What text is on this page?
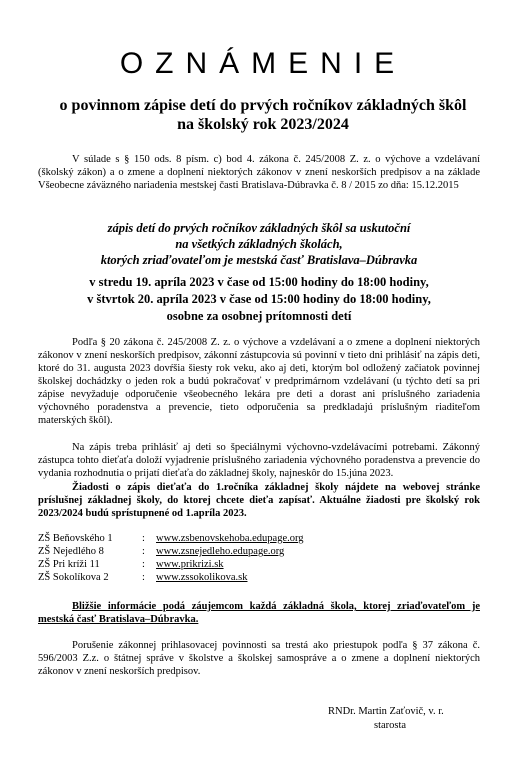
OZNÁMENIE
o povinnom zápise detí do prvých ročníkov základných škôl
na školský rok 2023/2024
V súlade s § 150 ods. 8 písm. c) bod 4. zákona č. 245/2008 Z. z. o výchove a vzdelávaní (školský zákon) a o zmene a doplnení niektorých zákonov v znení neskorších predpisov a na základe Všeobecne záväzného nariadenia mestskej časti Bratislava-Dúbravka č. 8 / 2015 zo dňa: 15.12.2015
zápis detí do prvých ročníkov základných škôl sa uskutoční
na všetkých základných školách,
ktorých zriaďovateľom je mestská časť Bratislava–Dúbravka
v stredu 19. apríla 2023 v čase od 15:00 hodiny do 18:00 hodiny,
v štvrtok 20. apríla 2023 v čase od 15:00 hodiny do 18:00 hodiny,
osobne za osobnej prítomnosti detí
Podľa § 20 zákona č. 245/2008 Z. z. o výchove a vzdelávaní a o zmene a doplnení niektorých zákonov v znení neskorších predpisov, zákonní zástupcovia sú povinní v tieto dni prihlásiť na zápis deti, ktoré do 31. augusta 2023 dovŕšia šiesty rok veku, ako aj deti, ktorým bol odložený začiatok povinnej školskej dochádzky o jeden rok a budú pokračovať v predprimárnom vzdelávaní (u týchto detí sa pri zápise nevyžaduje odporučenie všeobecného lekára pre deti a dorast ani príslušného zariadenia výchovného poradenstva a prevencie, tieto odporučenia sa predkladajú príslušným riaditeľom materských škôl).
Na zápis treba prihlásiť aj deti so špeciálnymi výchovno-vzdelávacími potrebami. Zákonný zástupca tohto dieťaťa doloží vyjadrenie príslušného zariadenia výchovného poradenstva a prevencie do vydania rozhodnutia o prijatí dieťaťa do základnej školy, najneskôr do 15.júna 2023.
Žiadosti o zápis dieťaťa do 1.ročníka základnej školy nájdete na webovej stránke príslušnej základnej školy, do ktorej chcete dieťa zapísať. Aktuálne žiadosti pre školský rok 2023/2024 budú sprístupnené od 1.apríla 2023.
ZŠ Beňovského 1	:	www.zsbenovskehoba.edupage.org
ZŠ Nejedlého 8	:	www.zsnejedleho.edupage.org
ZŠ Pri kríži 11	:	www.prikrizi.sk
ZŠ Sokolíkova 2	:	www.zssokolikova.sk
Bližšie informácie podá záujemcom každá základná škola, ktorej zriaďovateľom je mestská časť Bratislava–Dúbravka.
Porušenie zákonnej prihlasovacej povinnosti sa trestá ako priestupok podľa § 37 zákona č. 596/2003 Z.z. o štátnej správe v školstve a školskej samospráve a o zmene a doplnení niektorých zákonov v znení neskorších predpisov.
RNDr. Martin Zaťovič, v. r.
starosta
